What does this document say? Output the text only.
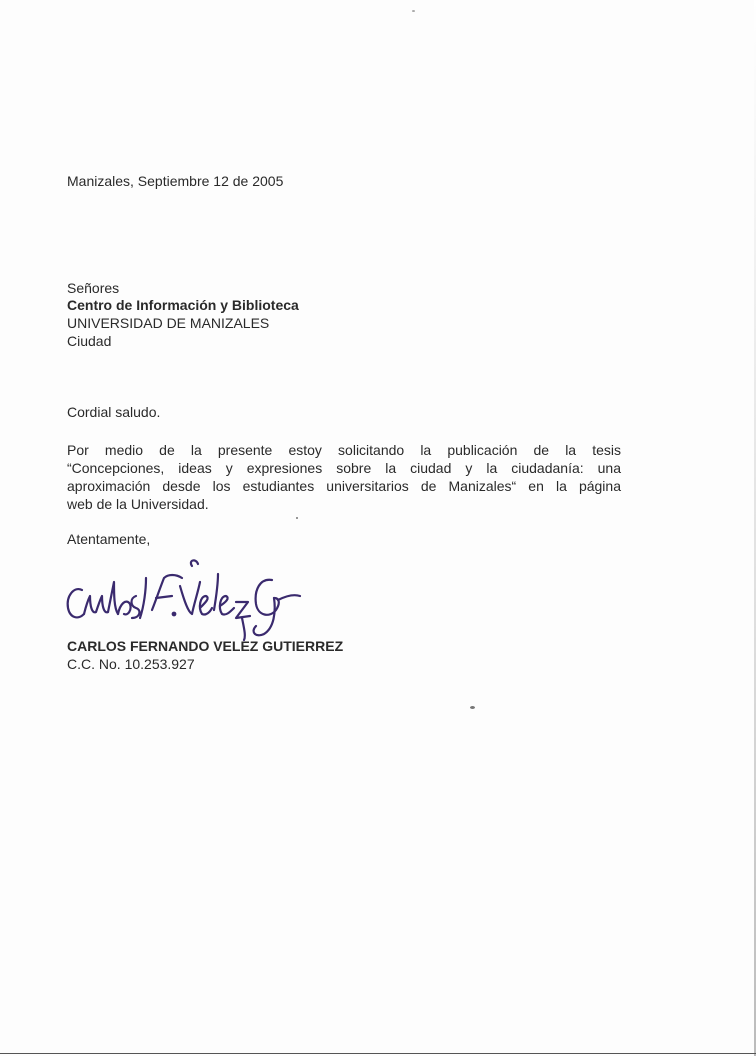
Manizales, Septiembre 12 de 2005
Señores
Centro de Información y Biblioteca
UNIVERSIDAD DE MANIZALES
Ciudad
Cordial saludo.
Por medio de la presente estoy solicitando la publicación de la tesis
“Concepciones, ideas y expresiones sobre la ciudad y la ciudadanía: una
aproximación desde los estudiantes universitarios de Manizales“ en la página
web de la Universidad.
Atentamente,
CARLOS FERNANDO VELEZ GUTIERREZ
C.C. No. 10.253.927
